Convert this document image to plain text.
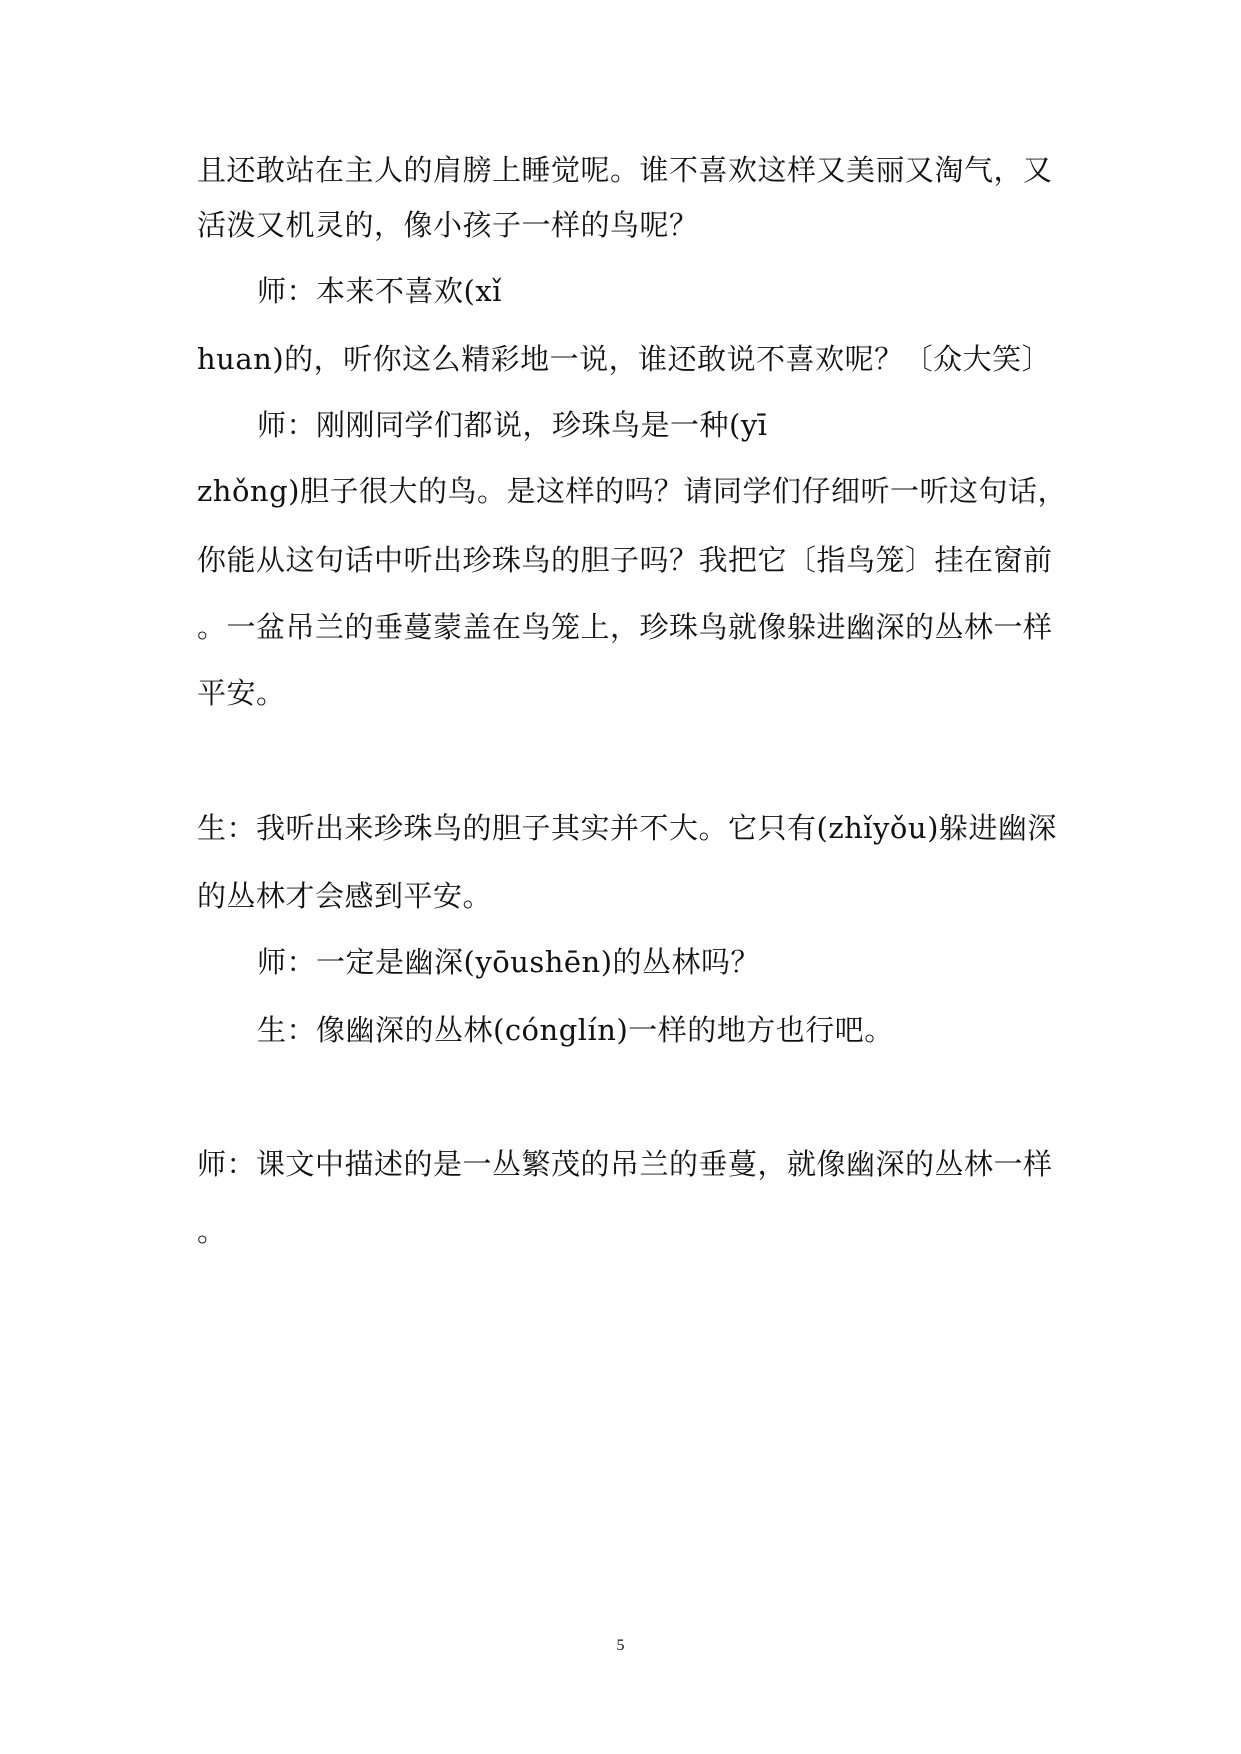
且还敢站在主人的肩膀上睡觉呢。谁不喜欢这样又美丽又淘气，又
活泼又机灵的，像小孩子一样的鸟呢？
师：本来不喜欢(xǐ
huan)的，听你这么精彩地一说，谁还敢说不喜欢呢？〔众大笑〕
师：刚刚同学们都说，珍珠鸟是一种(yī
zhǒng)胆子很大的鸟。是这样的吗？请同学们仔细听一听这句话，
你能从这句话中听出珍珠鸟的胆子吗？我把它〔指鸟笼〕挂在窗前
。一盆吊兰的垂蔓蒙盖在鸟笼上，珍珠鸟就像躲进幽深的丛林一样
平安。
生：我听出来珍珠鸟的胆子其实并不大。它只有(zhǐyǒu)躲进幽深
的丛林才会感到平安。
师：一定是幽深(yōushēn)的丛林吗？
生：像幽深的丛林(cónglín)一样的地方也行吧。
师：课文中描述的是一丛繁茂的吊兰的垂蔓，就像幽深的丛林一样
。
5
